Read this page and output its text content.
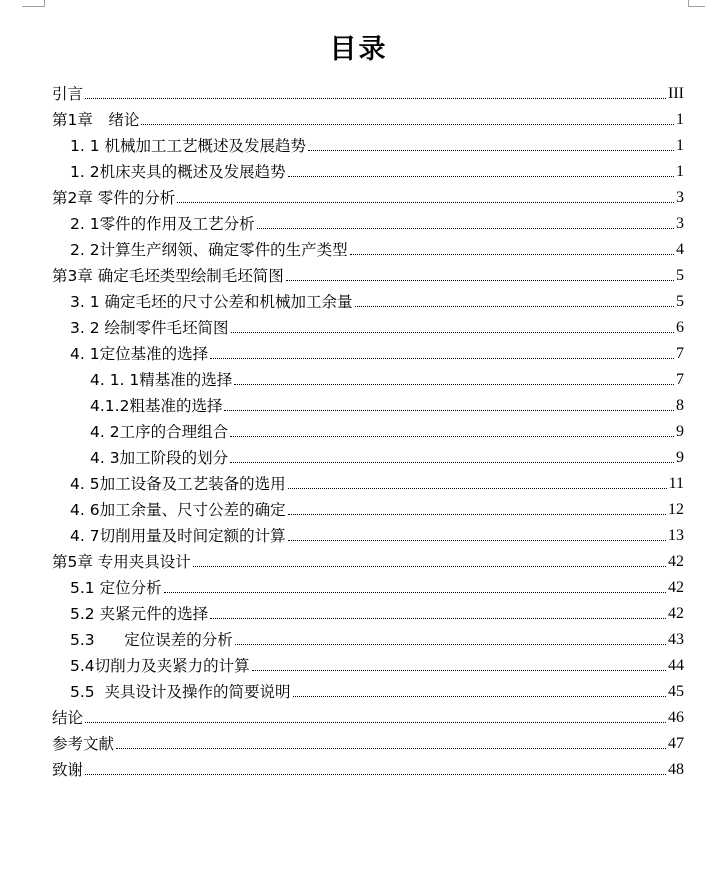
目录
引言	III
第1章　绪论	1
1. 1 机械加工工艺概述及发展趋势	1
1. 2机床夹具的概述及发展趋势	1
第2章 零件的分析	3
2. 1零件的作用及工艺分析	3
2. 2计算生产纲领、确定零件的生产类型	4
第3章 确定毛坯类型绘制毛坯简图	5
3. 1 确定毛坯的尺寸公差和机械加工余量	5
3. 2 绘制零件毛坯简图	6
4. 1定位基准的选择	7
4. 1. 1精基准的选择	7
4.1.2粗基准的选择	8
4. 2工序的合理组合	9
4. 3加工阶段的划分	9
4. 5加工设备及工艺装备的选用	11
4. 6加工余量、尺寸公差的确定	12
4. 7切削用量及时间定额的计算	13
第5章 专用夹具设计	42
5.1 定位分析	42
5.2 夹紧元件的选择	42
5.3      定位误差的分析	43
5.4切削力及夹紧力的计算	44
5.5  夹具设计及操作的简要说明	45
结论	46
参考文献	47
致谢	48
